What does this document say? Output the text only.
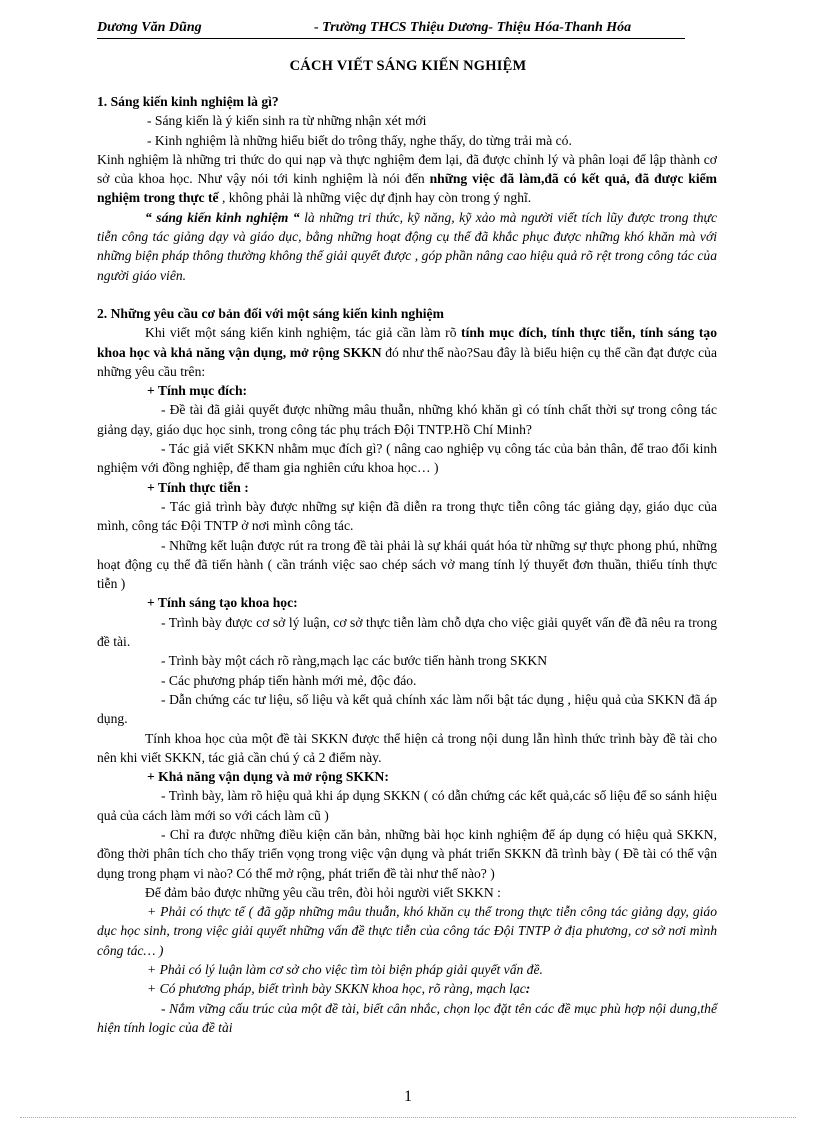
Dương Văn Dũng	- Trường THCS Thiệu Dương- Thiệu Hóa-Thanh Hóa
CÁCH VIẾT SÁNG KIẾN NGHIỆM

1. Sáng kiến kinh nghiệm là gì?

- Sáng kiến là ý kiến sinh ra từ những nhận xét mới

- Kinh nghiệm là những hiểu biết do trông thấy, nghe thấy, do từng trải mà có.

Kinh nghiệm là những tri thức do qui nạp và thực nghiệm đem lại, đã được chỉnh lý và phân loại để lập thành cơ sở của khoa học. Như vậy nói tới kinh nghiệm là nói đến những việc đã làm,đã có kết quả, đã được kiểm nghiệm trong thực tế , không phải là những việc dự định hay còn trong ý nghĩ.

“ sáng kiến kinh nghiệm “ là những tri thức, kỹ năng, kỹ xảo mà người viết tích lũy được trong thực tiễn công tác giảng dạy và giáo dục, bằng những hoạt động cụ thể đã khắc phục được những khó khăn mà với những biện pháp thông thường không thể giải quyết được , góp phần nâng cao hiệu quả rõ rệt trong công tác của người giáo viên.

2. Những yêu cầu cơ bản đối với một sáng kiến kinh nghiệm

Khi viết một sáng kiến kinh nghiệm, tác giả cần làm rõ tính mục đích, tính thực tiễn, tính sáng tạo khoa học và khả năng vận dụng, mở rộng SKKN đó như thế nào?Sau đây là biểu hiện cụ thể cần đạt được của những yêu cầu trên:

+ Tính mục đích:

- Đề tài đã giải quyết được những mâu thuẫn, những khó khăn gì có tính chất thời sự trong công tác giảng dạy, giáo dục học sinh, trong công tác phụ trách Đội TNTP.Hồ Chí Minh?

- Tác giả viết SKKN nhằm mục đích gì? ( nâng cao nghiệp vụ công tác của bản thân, để trao đổi kinh nghiệm với đồng nghiệp, để tham gia nghiên cứu khoa học… )

+ Tính thực tiễn :

- Tác giả trình bày được những sự kiện đã diễn ra trong thực tiễn công tác giảng dạy, giáo dục của mình, công tác Đội TNTP ở nơi mình công tác.

- Những kết luận được rút ra trong đề tài phải là sự khái quát hóa từ những sự thực phong phú, những hoạt động cụ thể đã tiến hành ( cần tránh việc sao chép sách vở mang tính lý thuyết đơn thuần, thiếu tính thực tiễn )

+ Tính sáng tạo khoa học:

- Trình bày được cơ sở lý luận, cơ sở thực tiễn làm chỗ dựa cho việc giải quyết vấn đề đã nêu ra trong đề tài.

- Trình bày một cách rõ ràng,mạch lạc các bước tiến hành trong SKKN

- Các phương pháp tiến hành mới mẻ, độc đáo.

- Dẫn chứng các tư liệu, số liệu và kết quả chính xác làm nổi bật tác dụng , hiệu quả của SKKN đã áp dụng.

Tính khoa học của một đề tài SKKN được thể hiện cả trong nội dung lẫn hình thức trình bày đề tài cho nên khi viết SKKN, tác giả cần chú ý cả 2 điểm này.

+ Khả năng vận dụng và mở rộng SKKN:

- Trình bày, làm rõ hiệu quả khi áp dụng SKKN ( có dẫn chứng các kết quả,các số liệu để so sánh hiệu quả của cách làm mới so với cách làm cũ )

- Chỉ ra được những điều kiện căn bản, những bài học kinh nghiệm để áp dụng có hiệu quả SKKN, đồng thời phân tích cho thấy triển vọng trong việc vận dụng và phát triển SKKN đã trình bày ( Đề tài có thể vận dụng trong phạm vi nào? Có thể mở rộng, phát triển đề tài như thế nào? )

Để đảm bảo được những yêu cầu trên, đòi hỏi người viết SKKN :

+ Phải có thực tế ( đã gặp những mâu thuẫn, khó khăn cụ thể trong thực tiễn công tác giảng dạy, giáo dục học sinh, trong việc giải quyết những vấn đề thực tiễn của công tác Đội TNTP ở địa phương, cơ sở nơi mình công tác… )

+ Phải có lý luận làm cơ sở cho việc tìm tòi biện pháp giải quyết vấn đề.

+ Có phương pháp, biết trình bày SKKN khoa học, rõ ràng, mạch lạc:

- Nắm vững cấu trúc của một đề tài, biết cân nhắc, chọn lọc đặt tên các đề mục phù hợp nội dung,thể hiện tính logic của đề tài

1
